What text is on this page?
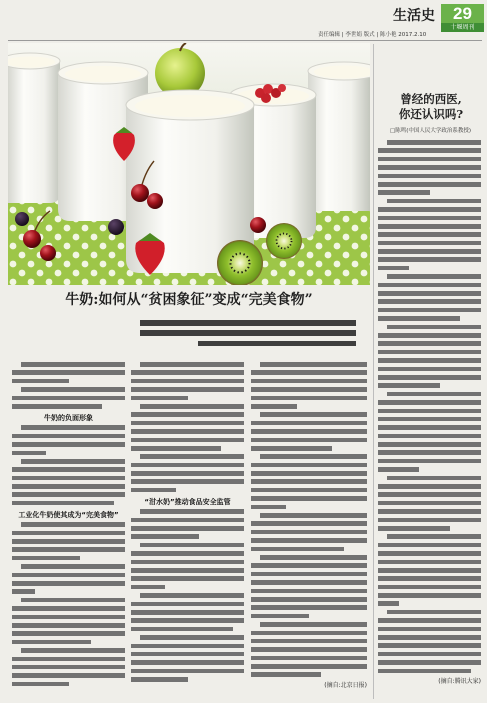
生活史	29
十堰周刊
责任编辑 | 李世娟 版式 | 陈小艳 2017.2.10
牛奶:如何从“贫困象征”变成“完美食物”
牛奶的负面形象
工业化牛奶使其成为“完美食物”
“泔水奶”推动食品安全监管
(摘自:北京日报)
曾经的西医,
你还认识吗?
□陈鸣(中国人民大学政治系教授)
(摘自:腾讯大家)
